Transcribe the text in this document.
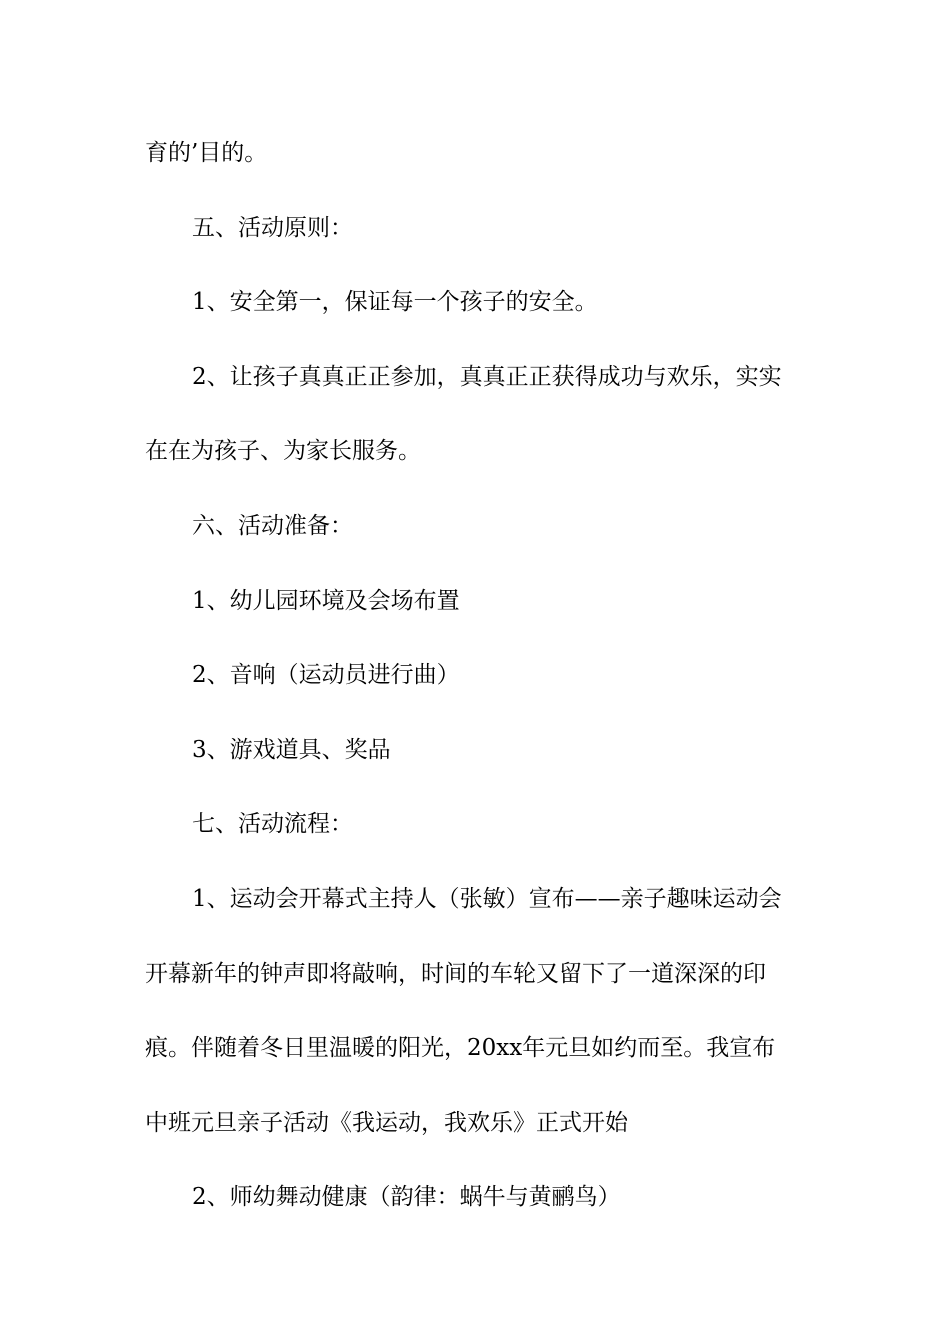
育的’目的。
五、活动原则：
1、安全第一，保证每一个孩子的安全。
2、让孩子真真正正参加，真真正正获得成功与欢乐，实实
在在为孩子、为家长服务。
六、活动准备：
1、幼儿园环境及会场布置
2、音响（运动员进行曲）
3、游戏道具、奖品
七、活动流程：
1、运动会开幕式主持人（张敏）宣布——亲子趣味运动会
开幕新年的钟声即将敲响，时间的车轮又留下了一道深深的印
痕。伴随着冬日里温暖的阳光，20xx年元旦如约而至。我宣布
中班元旦亲子活动《我运动，我欢乐》正式开始
2、师幼舞动健康（韵律：蜗牛与黄鹂鸟）
